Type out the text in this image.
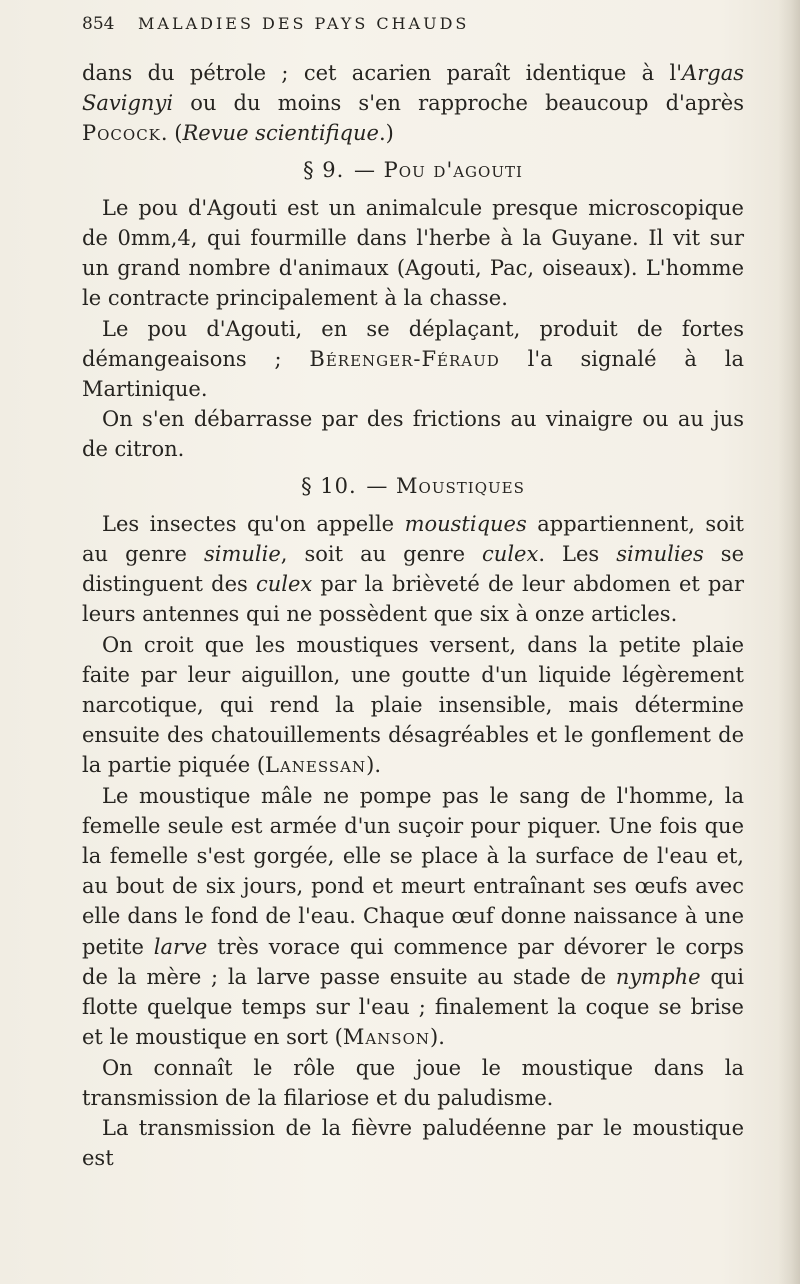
854 MALADIES DES PAYS CHAUDS

dans du pétrole ; cet acarien paraît identique à l'Argas Savignyi ou du moins s'en rapproche beaucoup d'après Pocock. (Revue scientifique.)

§ 9. — Pou d'agouti

Le pou d'Agouti est un animalcule presque microscopique de 0mm,4, qui fourmille dans l'herbe à la Guyane. Il vit sur un grand nombre d'animaux (Agouti, Pac, oiseaux). L'homme le contracte principalement à la chasse.

Le pou d'Agouti, en se déplaçant, produit de fortes démangeaisons ; Bérenger-Féraud l'a signalé à la Martinique.

On s'en débarrasse par des frictions au vinaigre ou au jus de citron.

§ 10. — Moustiques

Les insectes qu'on appelle moustiques appartiennent, soit au genre simulie, soit au genre culex. Les simulies se distinguent des culex par la brièveté de leur abdomen et par leurs antennes qui ne possèdent que six à onze articles.

On croit que les moustiques versent, dans la petite plaie faite par leur aiguillon, une goutte d'un liquide légèrement narcotique, qui rend la plaie insensible, mais détermine ensuite des chatouillements désagréables et le gonflement de la partie piquée (Lanessan).

Le moustique mâle ne pompe pas le sang de l'homme, la femelle seule est armée d'un suçoir pour piquer. Une fois que la femelle s'est gorgée, elle se place à la surface de l'eau et, au bout de six jours, pond et meurt entraînant ses œufs avec elle dans le fond de l'eau. Chaque œuf donne naissance à une petite larve très vorace qui commence par dévorer le corps de la mère ; la larve passe ensuite au stade de nymphe qui flotte quelque temps sur l'eau ; finalement la coque se brise et le moustique en sort (Manson).

On connaît le rôle que joue le moustique dans la transmission de la filariose et du paludisme.

La transmission de la fièvre paludéenne par le moustique est
